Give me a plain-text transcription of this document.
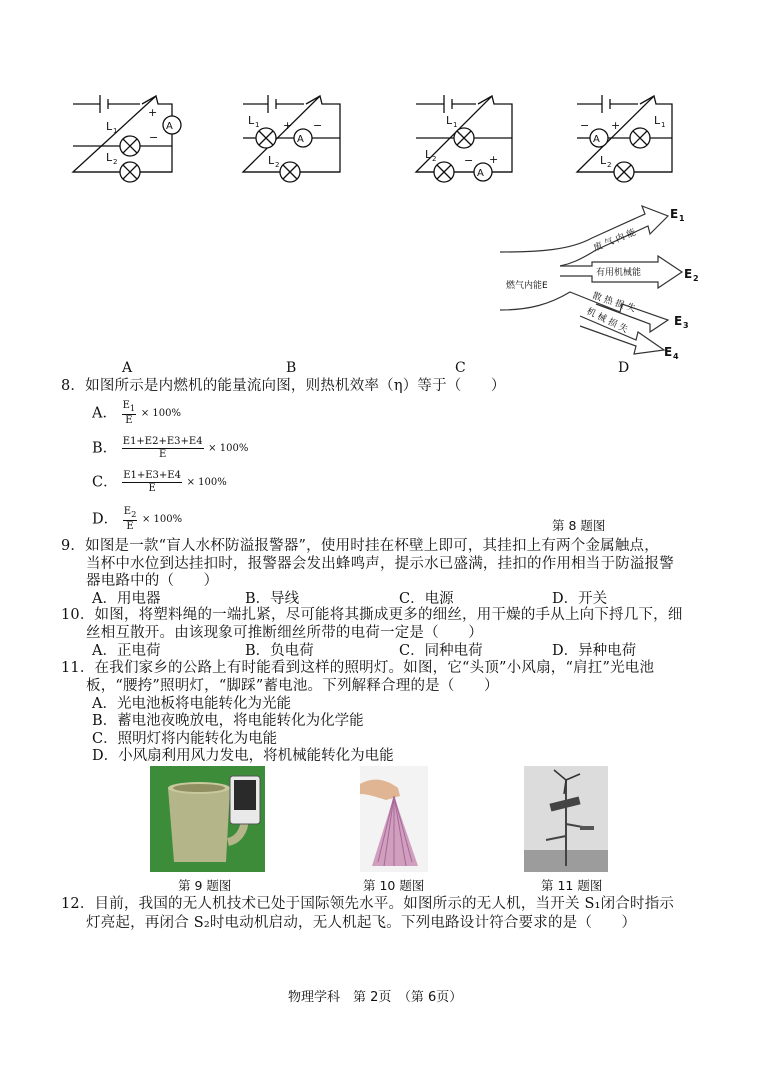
A
+
−
L 1
L 2
A
L 1 + −
L 2
L 1
L 2	− +
A
A
− +	L 1
L 2
燃气内能E
废 气 内 能
有用机械能
散 热 损 失
机 械 损 失
E 1
E 2
E 3
E 4
A	B	C	D
8．如图所示是内燃机的能量流向图，则热机效率（η）等于（　　）
A． $\frac{E_1}{E} \times 100\%$
B． $\frac{E1+E2+E3+E4}{E} \times 100\%$
C． $\frac{E1+E3+E4}{E} \times 100\%$
D． $\frac{E_2}{E} \times 100\%$	第 8 题图
9．如图是一款“盲人水杯防溢报警器”，使用时挂在杯壁上即可，其挂扣上有两个金属触点，
当杯中水位到达挂扣时，报警器会发出蜂鸣声，提示水已盛满，挂扣的作用相当于防溢报警
器电路中的（　　）
A．用电器	B．导线	C．电源	D．开关
10．如图，将塑料绳的一端扎紧，尽可能将其撕成更多的细丝，用干燥的手从上向下捋几下，细
丝相互散开。由该现象可推断细丝所带的电荷一定是（　　）
A．正电荷	B．负电荷	C．同种电荷	D．异种电荷
11．在我们家乡的公路上有时能看到这样的照明灯。如图，它“头顶”小风扇，“肩扛”光电池
板，“腰挎”照明灯，“脚踩”蓄电池。下列解释合理的是（　　）
A．光电池板将电能转化为光能
B．蓄电池夜晚放电，将电能转化为化学能
C．照明灯将内能转化为电能
D．小风扇利用风力发电，将机械能转化为电能
第 9 题图	第 10 题图	第 11 题图
12．目前，我国的无人机技术已处于国际领先水平。如图所示的无人机，当开关 S₁闭合时指示
灯亮起，再闭合 S₂时电动机启动，无人机起飞。下列电路设计符合要求的是（　　）
物理学科　第 2页　（第 6页）
